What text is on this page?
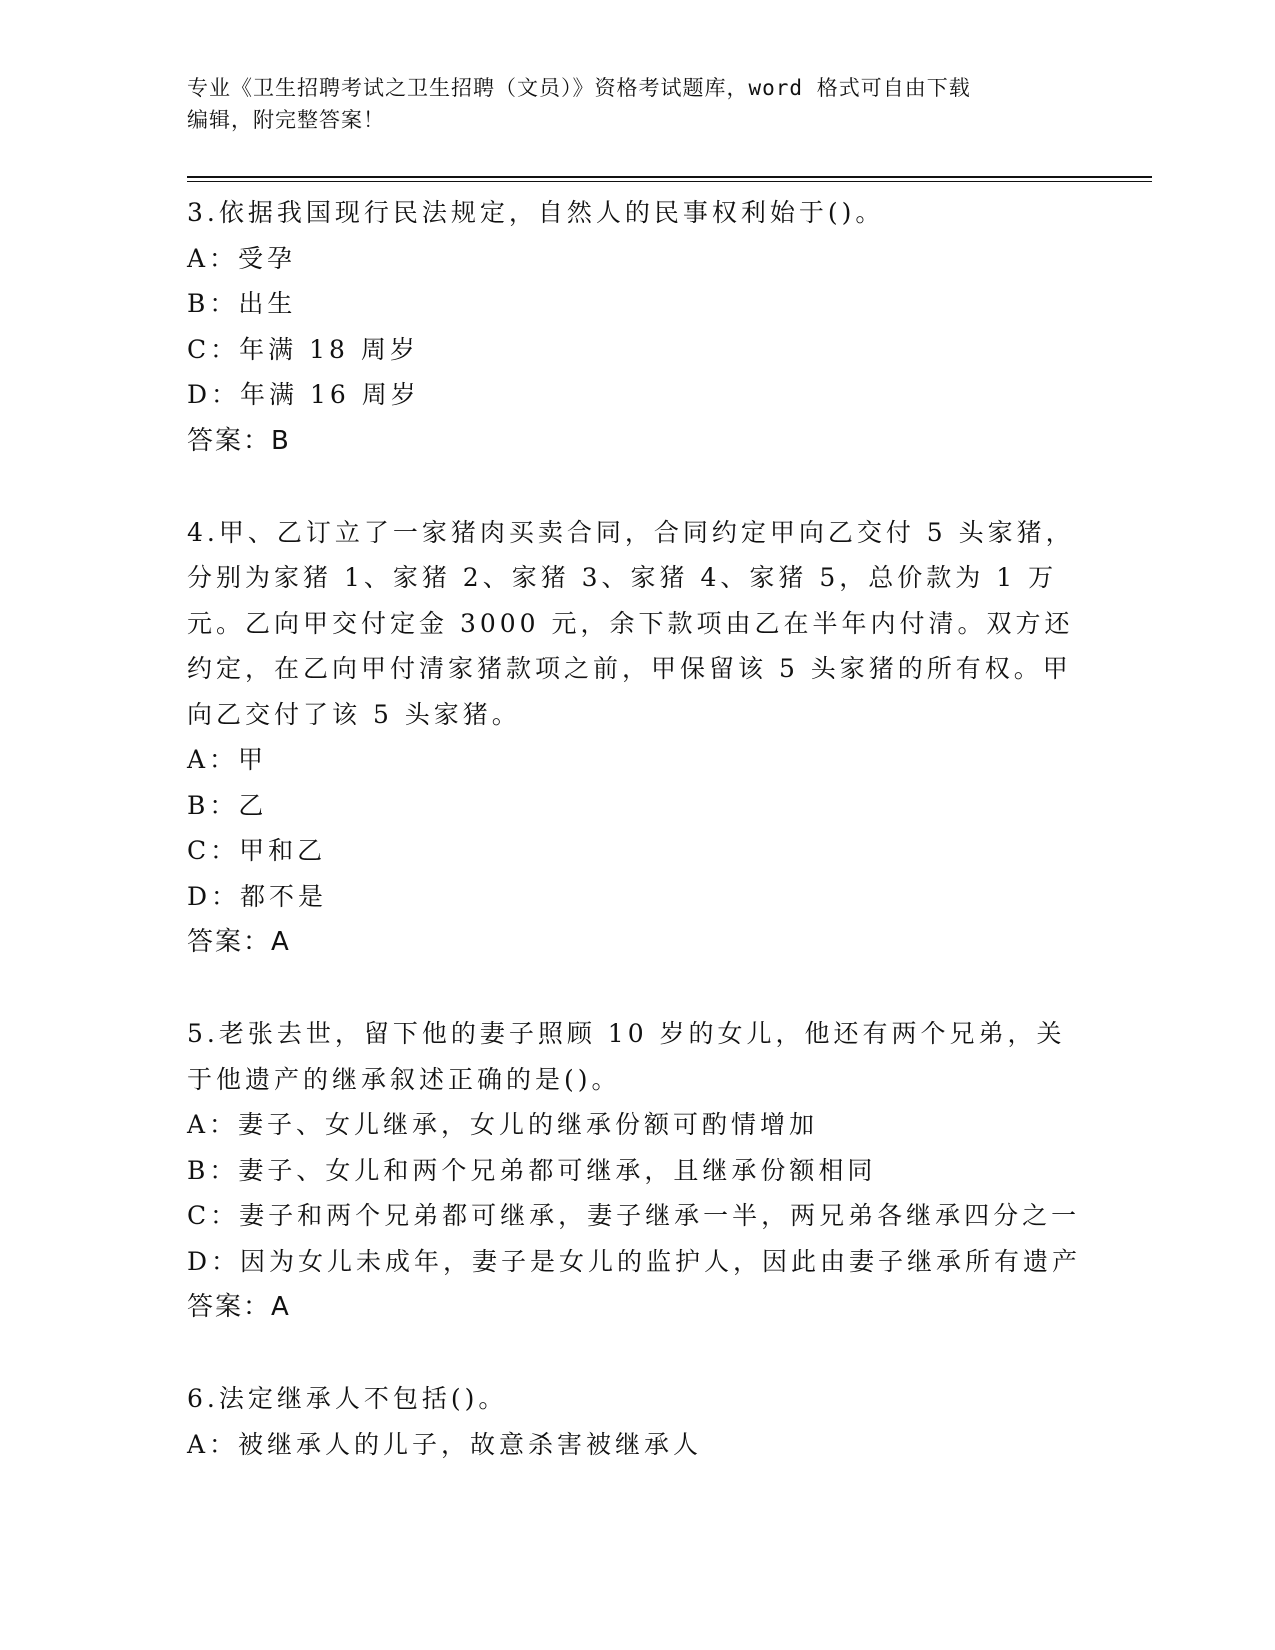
专业《卫生招聘考试之卫生招聘（文员）》资格考试题库，word 格式可自由下载
编辑，附完整答案！
3.依据我国现行民法规定，自然人的民事权利始于()。
A：受孕
B：出生
C：年满 18 周岁
D：年满 16 周岁
答案：B
4.甲、乙订立了一家猪肉买卖合同，合同约定甲向乙交付 5 头家猪，分别为家猪 1、家猪 2、家猪 3、家猪 4、家猪 5，总价款为 1 万元。乙向甲交付定金 3000 元，余下款项由乙在半年内付清。双方还约定，在乙向甲付清家猪款项之前，甲保留该 5 头家猪的所有权。甲向乙交付了该 5 头家猪。
A：甲
B：乙
C：甲和乙
D：都不是
答案：A
5.老张去世，留下他的妻子照顾 10 岁的女儿，他还有两个兄弟，关于他遗产的继承叙述正确的是()。
A：妻子、女儿继承，女儿的继承份额可酌情增加
B：妻子、女儿和两个兄弟都可继承，且继承份额相同
C：妻子和两个兄弟都可继承，妻子继承一半，两兄弟各继承四分之一
D：因为女儿未成年，妻子是女儿的监护人，因此由妻子继承所有遗产
答案：A
6.法定继承人不包括()。
A：被继承人的儿子，故意杀害被继承人
